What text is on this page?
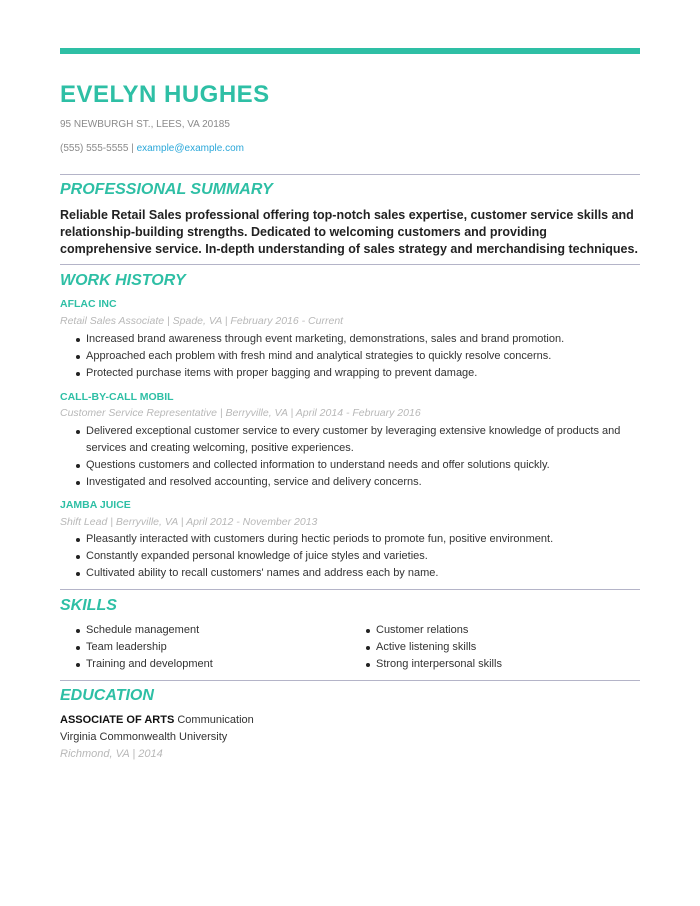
EVELYN HUGHES
95 NEWBURGH ST., LEES, VA 20185
(555) 555-5555 | example@example.com
PROFESSIONAL SUMMARY

Reliable Retail Sales professional offering top-notch sales expertise, customer service skills and relationship-building strengths. Dedicated to welcoming customers and providing comprehensive service. In-depth understanding of sales strategy and merchandising techniques.

WORK HISTORY
AFLAC INC
Retail Sales Associate | Spade, VA | February 2016 - Current
Increased brand awareness through event marketing, demonstrations, sales and brand promotion.
Approached each problem with fresh mind and analytical strategies to quickly resolve concerns.
Protected purchase items with proper bagging and wrapping to prevent damage.
CALL-BY-CALL MOBIL
Customer Service Representative | Berryville, VA | April 2014 - February 2016
Delivered exceptional customer service to every customer by leveraging extensive knowledge of products and services and creating welcoming, positive experiences.
Questions customers and collected information to understand needs and offer solutions quickly.
Investigated and resolved accounting, service and delivery concerns.
JAMBA JUICE
Shift Lead | Berryville, VA | April 2012 - November 2013
Pleasantly interacted with customers during hectic periods to promote fun, positive environment.
Constantly expanded personal knowledge of juice styles and varieties.
Cultivated ability to recall customers' names and address each by name.
SKILLS
Schedule management
Team leadership
Training and development
Customer relations
Active listening skills
Strong interpersonal skills
EDUCATION
ASSOCIATE OF ARTS Communication
Virginia Commonwealth University
Richmond, VA | 2014
